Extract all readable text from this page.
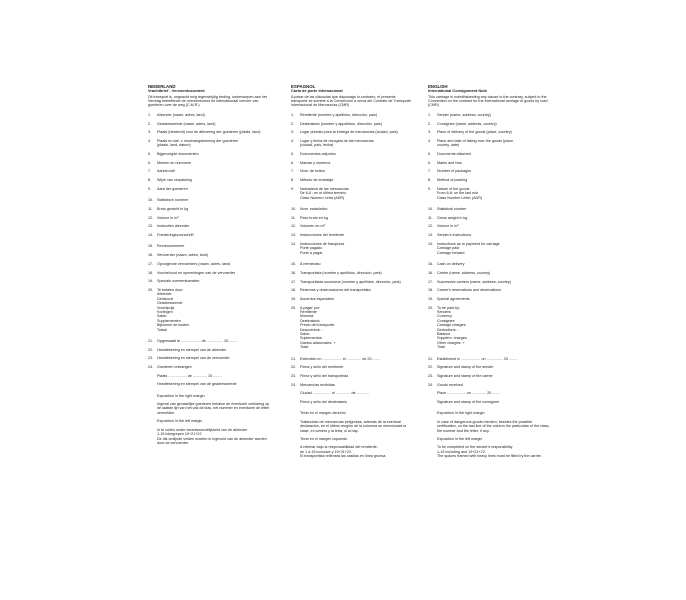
NEDERLAND
Vrachtbrief - Vervoerdocument
Dit transport is, ongeacht enig tegenstrijdig beding, onderworpen aan het Verdrag betreffende de overeenkomst tot internationaal vervoer van goederen over de weg (C.M.R.)
1.	Afzender (naam, adres, land)
2.	Geadresseerde (naam, adres, land)
3.	Plaats (bestemd) voor de aflevering der goederen (plaats, land)
4.	Plaats en dat. v. inontvangstneming der goederen
(plaats, land, datum)
5.	Bijgevoegde documenten
6.	Merken en nummers
7.	Aantal colli
8.	Wijze van verpakking
9.	Aard der goederen
10.	Statistisch nummer
11.	Bruto gewicht in kg
12.	Volume in m³
13.	Instructies afzender
14.	Frankeringsvoorschrift
15.	Remboursement
16.	Vervoerder (naam, adres, land)
17.	Opvolgende vervoerders (naam, adres, land)
18.	Voorbehoud en opmerkingen van de vervoerder
19.	Speciale overeenkomsten
20.	Te betalen door:
Afzender
Geldsoort
Geadresseerde
Vrachtprijs
Kortingen
Saldo
Supplementen
Bijkomen de kosten
Totaal
21.	Opgemaakt te ................... de ................ 20 ........
22.	Handtekening en stempel van de afzender
23.	Handtekening en stempel van de vervoerder
24.	Goederen ontvangen
Plaats .................. de .............. 20 ........
Handtekening en stempel van de geadresseerde
Exposition in the right margin
Ingeval van gevaarlijke goederen behalve de eventuele verklaring op de laatste lijn van het vak de klas, het nummer en eventueel de letter vermelden.
Exposition in the left margin
In te vullen onder verantwoordelijkheid van de afzender
1-15 inbegrepen 19+21+22
De dik omlijnde velden moeten in ingevuld van de afzender worden door de vervoerder.
ESPAGNOL
Carta de porte internacional
A pesar de las cláusulas que disponagn lo contrario, el presente transporte se somete a la Convención a cerca del Contrato de Transporte Internacional de Mercancías (CMR)
1.	Remitente (nombre y apellidos, dirección, país)
2.	Destinatario (nombre y appellidos, dirección, país)
3.	Lugar previsto para la entrega de mercancías (ciudad, país)
4.	Lugar y fecha de recogida de las mercancías
(ciudad, país, fecha)
5.	Documentos adjuntos
6.	Marcas y números
7.	Núm. de bultos
8.	Método de embalaje
9.	Naturaleza de las mercancías
De 6-8 : en el último termino
Clase Número Letra (ADR)
10.	Num. estadístico
11.	Peso bruto en kg
12.	Volumen en m³
13.	Instrucciones del remitente
14.	Instrucciones de franqueza
Porte pagado
Porte a pagar
15.	A reembolso
16.	Transportista (nombre y apellidos, dirección, país)
17.	Transportistas sucesivos (nombre y apellidos, dirección, país)
18.	Reservas y observaciones del transportista
19.	Acuerdos especiales
20.	A pagar por:
Remitente
Moneda
Destinatario
Precio del transporte:
Descuentos: -
Saldo
Suplementos:
Gastos adicionales: +
Total:
21.	Extendido en ................... el .............. de 20........
22.	Firma y sello del remitente
23.	Firma y sello del transportista
24.	Mercancías recibidas
Ciudad .................. el .............. de ............
Firma y sello del destinatario
Texto en el margen derecho
Tratándose de mercancías peligrosas, además de la eventual declaración, en el último renglón de la columna se mencionará la clase, el número y la letra, si la hay.
Texto en el margen izquierdo
A rellenar bajo la responsabilidad del remitente:
de 1 a 15 inclusive y 19+21+22.
El transportista rellenará las casillas en línea gruesa.
ENGLISH
International Consignment Note
This carriage is notwithstanding any clause to the contrary, subject to the Convention on the contract for the international carriage of goods by road (CMR)
1.	Sender (name, address, country)
2.	Consignee (name, address, country)
3.	Place of delivery of the goods (place, country)
4.	Place and date of taking over the goods (place,
country, date)
5.	Documents attached
6.	Marks and Nos
7.	Number of packages
8.	Method of packing
9.	Nature of the goods
From 6-8: on the last rule
Class Number Letter (ADR)
10.	Statistical number
11.	Gross weight in kg
12.	Volume in m³
13.	Sender's instructions
14.	Instructions as to payment for carriage
Carriage paid
Carriage forward
15.	Cash on delivery
16.	Carrier (name, address, country)
17.	Successive carriers (name, address, country)
18.	Carrier's reservations and observations
19.	Special agreements
20.	To be paid by:
Senders
Currency
Consignee
Carriage charges:
Deductions: -
Balance
Supplem. charges
Other charges: +
Total
21.	Established in ................... on ................ 20 ........
22.	Signature and stamp of the sender
23.	Signature and stamp of the carrier
24.	Goods received
Place .................. on .............. 20 ........
Signature and stamp of the consignee
Exposition in the right margin
In case of dangerous goods mention, besides the possible certification, on the last line of the column the particulars of the class, the number and the letter, if any.
Exposition in the left margin
To be completed on the sender's responsibility
1-15 including and 19+21+22.
The spaces framed with heavy lines must be filled by the carrier.
